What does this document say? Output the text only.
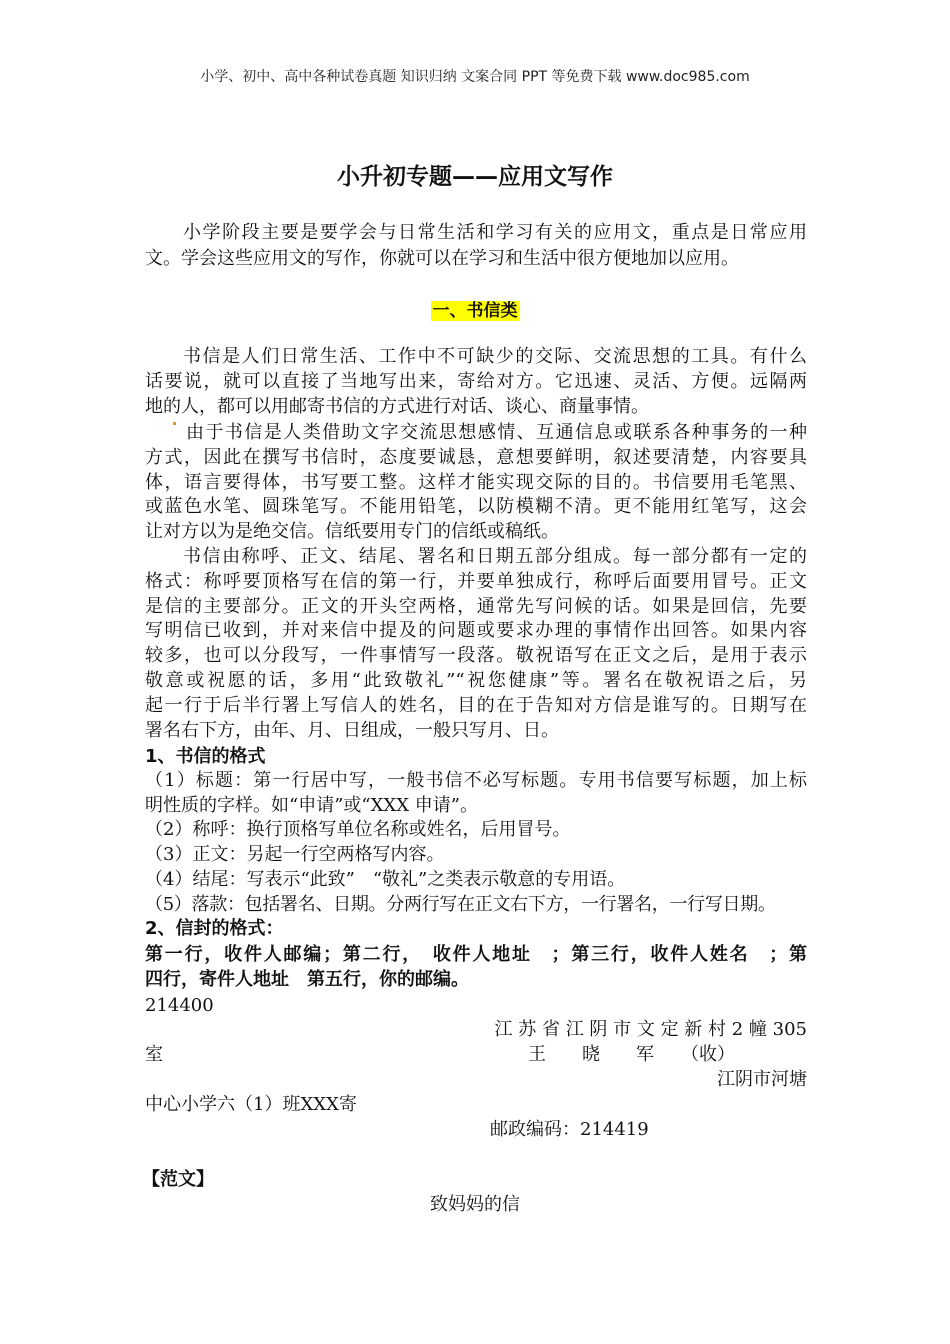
小学、初中、高中各种试卷真题 知识归纳 文案合同 PPT 等免费下载 www.doc985.com
小升初专题——应用文写作
小学阶段主要是要学会与日常生活和学习有关的应用文，重点是日常应用
文。学会这些应用文的写作，你就可以在学习和生活中很方便地加以应用。
一、书信类
书信是人们日常生活、工作中不可缺少的交际、交流思想的工具。有什么
话要说，就可以直接了当地写出来，寄给对方。它迅速、灵活、方便。远隔两
地的人，都可以用邮寄书信的方式进行对话、谈心、商量事情。
由于书信是人类借助文字交流思想感情、互通信息或联系各种事务的一种
方式，因此在撰写书信时，态度要诚恳，意想要鲜明，叙述要清楚，内容要具
体，语言要得体，书写要工整。这样才能实现交际的目的。书信要用毛笔黑、
或蓝色水笔、圆珠笔写。不能用铅笔，以防模糊不清。更不能用红笔写，这会
让对方以为是绝交信。信纸要用专门的信纸或稿纸。
书信由称呼、正文、结尾、署名和日期五部分组成。每一部分都有一定的
格式：称呼要顶格写在信的第一行，并要单独成行，称呼后面要用冒号。正文
是信的主要部分。正文的开头空两格，通常先写问候的话。如果是回信，先要
写明信已收到，并对来信中提及的问题或要求办理的事情作出回答。如果内容
较多，也可以分段写，一件事情写一段落。敬祝语写在正文之后，是用于表示
敬意或祝愿的话，多用“此致敬礼”“祝您健康”等。署名在敬祝语之后，另
起一行于后半行署上写信人的姓名，目的在于告知对方信是谁写的。日期写在
署名右下方，由年、月、日组成，一般只写月、日。
1、书信的格式
（1）标题：第一行居中写，一般书信不必写标题。专用书信要写标题，加上标
明性质的字样。如“申请”或“XXX 申请”。
（2）称呼：换行顶格写单位名称或姓名，后用冒号。
（3）正文：另起一行空两格写内容。
（4）结尾：写表示“此致”　“敬礼”之类表示敬意的专用语。
（5）落款：包括署名、日期。分两行写在正文右下方，一行署名，一行写日期。
2、信封的格式：
第一行，收件人邮编；第二行，　收件人地址　；第三行，收件人姓名　；第
四行，寄件人地址　第五行，你的邮编。
214400
江 苏 省 江 阴 市 文 定 新 村 2 幢 305
室	王　　晓　　军　　（收）
江阴市河塘
中心小学六（1）班XXX寄
邮政编码：214419
【范文】
致妈妈的信
